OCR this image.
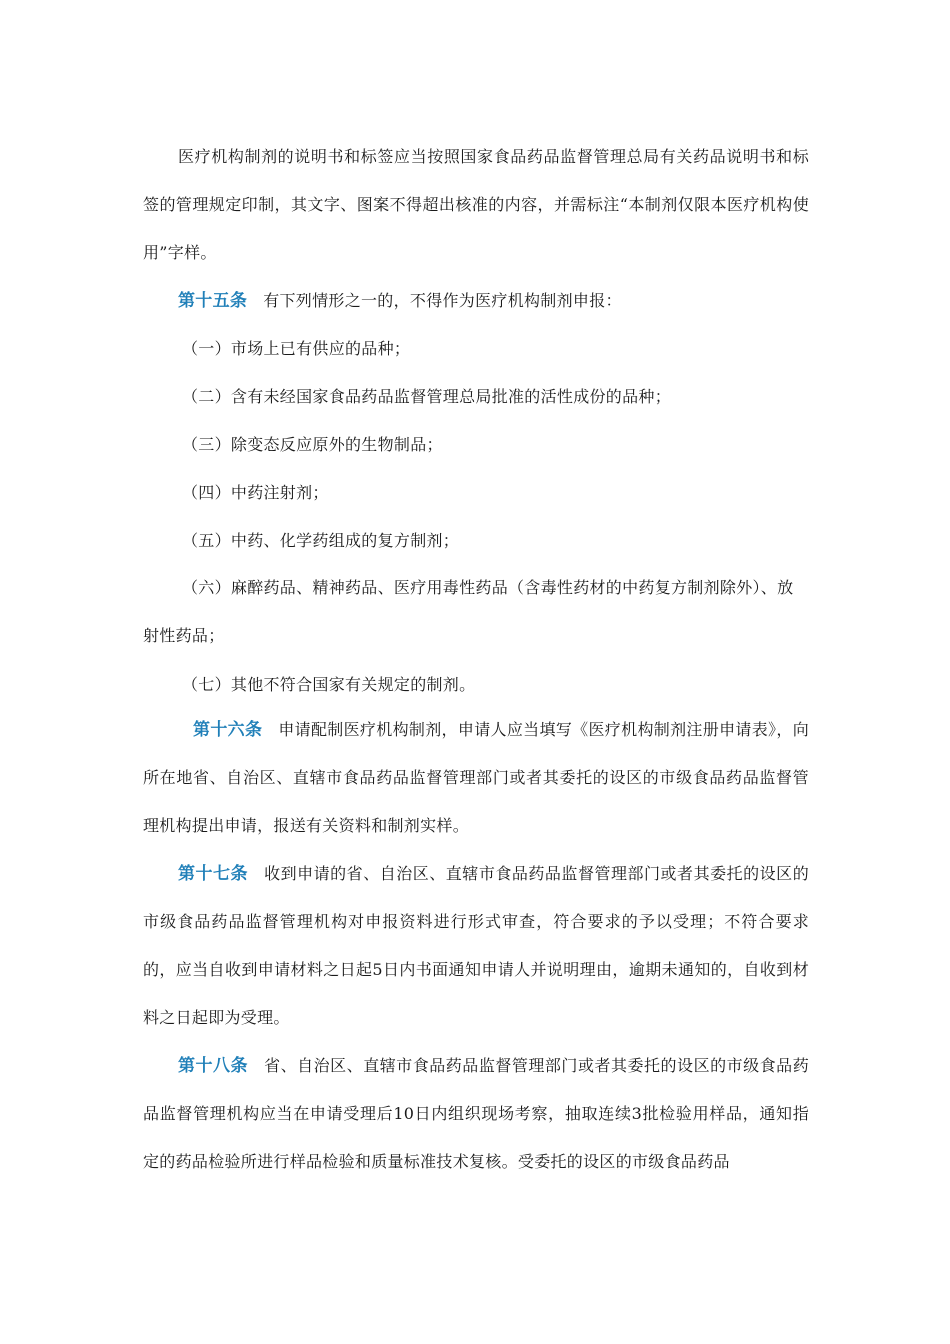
医疗机构制剂的说明书和标签应当按照国家食品药品监督管理总局有关药品说明书和标签的管理规定印制，其文字、图案不得超出核准的内容，并需标注“本制剂仅限本医疗机构使用”字样。

第十五条 有下列情形之一的，不得作为医疗机构制剂申报：

（一）市场上已有供应的品种；

（二）含有未经国家食品药品监督管理总局批准的活性成份的品种；

（三）除变态反应原外的生物制品；

（四）中药注射剂；

（五）中药、化学药组成的复方制剂；

（六）麻醉药品、精神药品、医疗用毒性药品（含毒性药材的中药复方制剂除外）、放射性药品；

（七）其他不符合国家有关规定的制剂。

第十六条 申请配制医疗机构制剂，申请人应当填写《医疗机构制剂注册申请表》，向所在地省、自治区、直辖市食品药品监督管理部门或者其委托的设区的市级食品药品监督管理机构提出申请，报送有关资料和制剂实样。

第十七条 收到申请的省、自治区、直辖市食品药品监督管理部门或者其委托的设区的市级食品药品监督管理机构对申报资料进行形式审查，符合要求的予以受理；不符合要求的，应当自收到申请材料之日起5日内书面通知申请人并说明理由，逾期未通知的，自收到材料之日起即为受理。

第十八条 省、自治区、直辖市食品药品监督管理部门或者其委托的设区的市级食品药品监督管理机构应当在申请受理后10日内组织现场考察，抽取连续3批检验用样品，通知指定的药品检验所进行样品检验和质量标准技术复核。受委托的设区的市级食品药品
